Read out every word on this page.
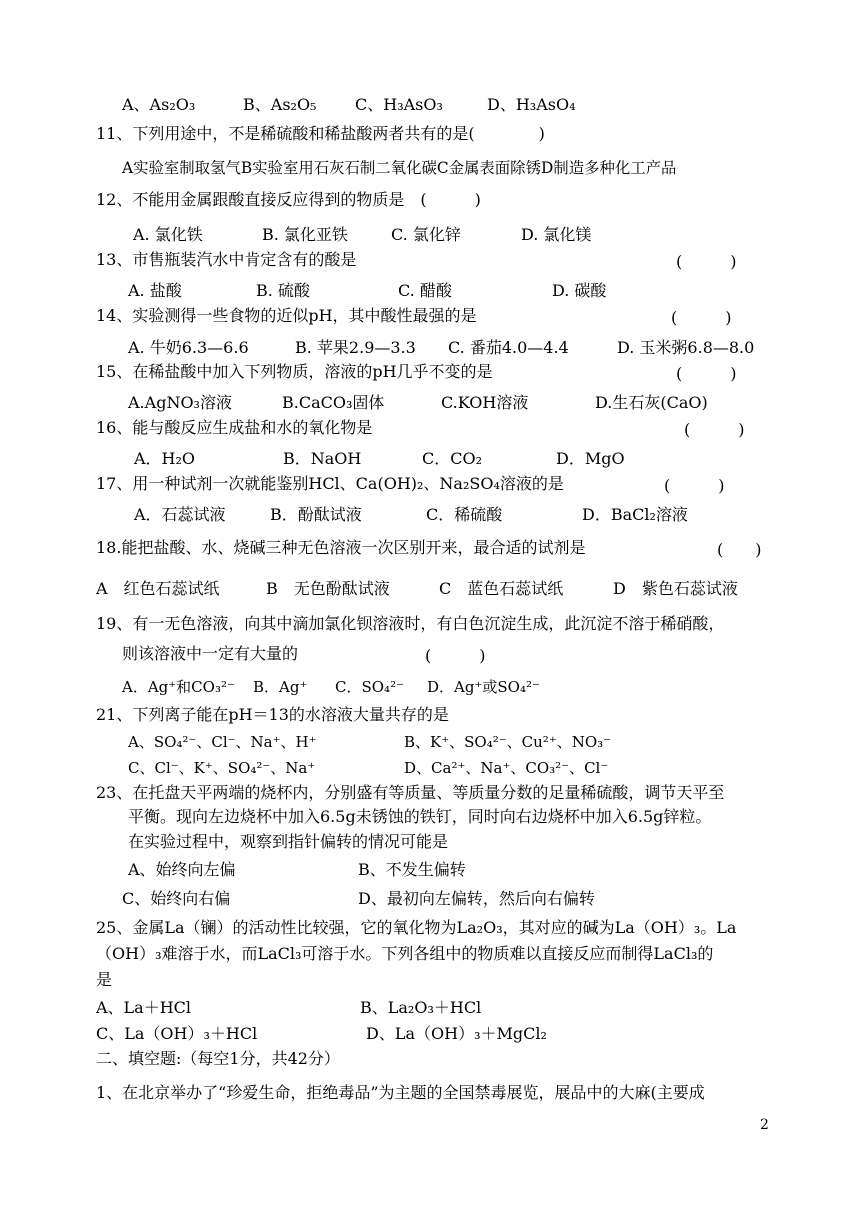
A、As₂O₃	B、As₂O₅ C、H₃AsO₃	D、H₃AsO₄
11、下列用途中，不是稀硫酸和稀盐酸两者共有的是(　　　　)
A实验室制取氢气B实验室用石灰石制二氧化碳C金属表面除锈D制造多种化工产品
12、不能用金属跟酸直接反应得到的物质是　(　　　)
A. 氯化铁	B. 氯化亚铁	C. 氯化锌	D. 氯化镁
13、市售瓶装汽水中肯定含有的酸是	(　　　)
A. 盐酸	B. 硫酸	C. 醋酸	D. 碳酸
14、实验测得一些食物的近似pH，其中酸性最强的是	(　　　)
A. 牛奶6.3—6.6	B. 苹果2.9—3.3 C. 番茄4.0—4.4	D. 玉米粥6.8—8.0
15、在稀盐酸中加入下列物质，溶液的pH几乎不变的是	(　　　)
A.AgNO₃溶液	B.CaCO₃固体	C.KOH溶液	D.生石灰(CaO)
16、能与酸反应生成盐和水的氧化物是	(　　　)
A．H₂O	B．NaOH	C．CO₂	D．MgO
17、用一种试剂一次就能鉴别HCl、Ca(OH)₂、Na₂SO₄溶液的是	(　　　)
A．石蕊试液	B．酚酞试液	C．稀硫酸	D．BaCl₂溶液
18.能把盐酸、水、烧碱三种无色溶液一次区别开来，最合适的试剂是	(　　)
A　红色石蕊试纸	B　无色酚酞试液	C　蓝色石蕊试纸	D　紫色石蕊试液
19、有一无色溶液，向其中滴加氯化钡溶液时，有白色沉淀生成，此沉淀不溶于稀硝酸，
则该溶液中一定有大量的	(　　　)
A．Ag⁺和CO₃²⁻ B．Ag⁺ C．SO₄²⁻ D．Ag⁺或SO₄²⁻
21、下列离子能在pH＝13的水溶液大量共存的是
A、SO₄²⁻、Cl⁻、Na⁺、H⁺	B、K⁺、SO₄²⁻、Cu²⁺、NO₃⁻
C、Cl⁻、K⁺、SO₄²⁻、Na⁺	D、Ca²⁺、Na⁺、CO₃²⁻、Cl⁻
23、在托盘天平两端的烧杯内，分别盛有等质量、等质量分数的足量稀硫酸，调节天平至
平衡。现向左边烧杯中加入6.5g未锈蚀的铁钉，同时向右边烧杯中加入6.5g锌粒。
在实验过程中，观察到指针偏转的情况可能是
A、始终向左偏	B、不发生偏转
C、始终向右偏	D、最初向左偏转，然后向右偏转
25、金属La（镧）的活动性比较强，它的氧化物为La₂O₃，其对应的碱为La（OH）₃。La
（OH）₃难溶于水，而LaCl₃可溶于水。下列各组中的物质难以直接反应而制得LaCl₃的
是
A、La＋HCl	B、La₂O₃＋HCl
C、La（OH）₃＋HCl	D、La（OH）₃＋MgCl₂
二、填空题:（每空1分，共42分）
1、在北京举办了“珍爱生命，拒绝毒品”为主题的全国禁毒展览，展品中的大麻(主要成
2
